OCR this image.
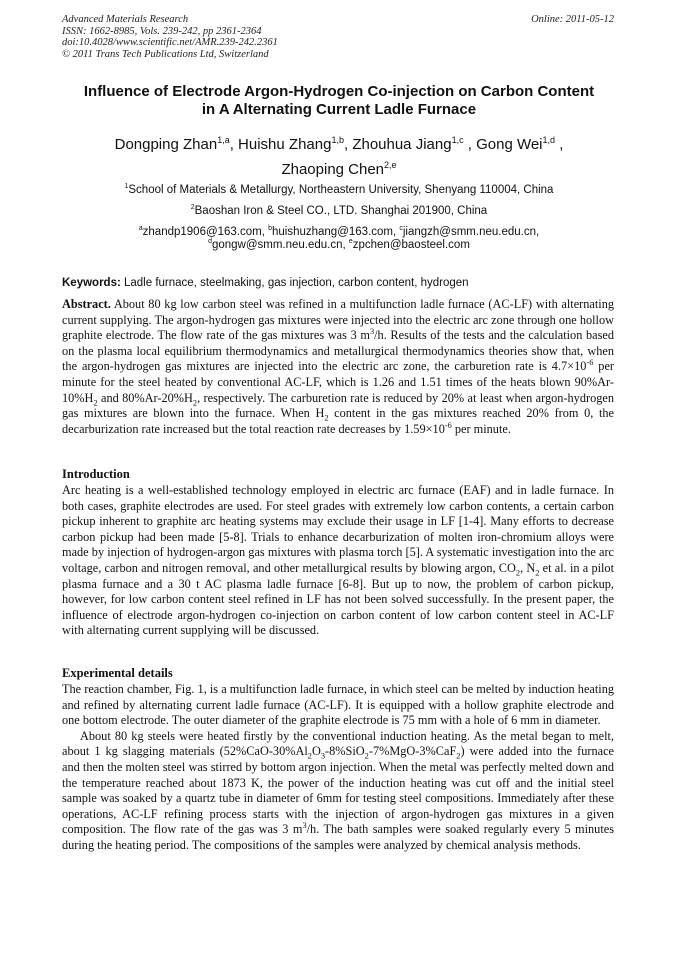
Advanced Materials Research
ISSN: 1662-8985, Vols. 239-242, pp 2361-2364
doi:10.4028/www.scientific.net/AMR.239-242.2361
© 2011 Trans Tech Publications Ltd, Switzerland
Online: 2011-05-12
Influence of Electrode Argon-Hydrogen Co-injection on Carbon Content
in A Alternating Current Ladle Furnace
Dongping Zhan$^{1,a}$, Huishu Zhang$^{1,b}$, Zhouhua Jiang$^{1,c}$ , Gong Wei$^{1,d}$ ,
Zhaoping Chen$^{2,e}$
$^1$School of Materials & Metallurgy, Northeastern University, Shenyang 110004, China
$^2$Baoshan Iron & Steel CO., LTD. Shanghai 201900, China
$^a$zhandp1906@163.com, $^b$huishuzhang@163.com, $^c$jiangzh@smm.neu.edu.cn,
$^d$gongw@smm.neu.edu.cn, $^e$zpchen@baosteel.com
Keywords: Ladle furnace, steelmaking, gas injection, carbon content, hydrogen

Abstract. About 80 kg low carbon steel was refined in a multifunction ladle furnace (AC-LF) with alternating current supplying. The argon-hydrogen gas mixtures were injected into the electric arc zone through one hollow graphite electrode. The flow rate of the gas mixtures was 3 $m^3/h$. Results of the tests and the calculation based on the plasma local equilibrium thermodynamics and metallurgical thermodynamics theories show that, when the argon-hydrogen gas mixtures are injected into the electric arc zone, the carburetion rate is $4.7\times 10^{-6}$ per minute for the steel heated by conventional AC-LF, which is 1.26 and 1.51 times of the heats blown $90\%Ar-10\%H_2$ and $80\%Ar-20\%H_2$, respectively. The carburetion rate is reduced by 20% at least when argon-hydrogen gas mixtures are blown into the furnace. When $H_2$ content in the gas mixtures reached 20% from 0, the decarburization rate increased but the total reaction rate decreases by $1.59\times 10^{-6}$ per minute.

Introduction

Arc heating is a well-established technology employed in electric arc furnace (EAF) and in ladle furnace. In both cases, graphite electrodes are used. For steel grades with extremely low carbon contents, a certain carbon pickup inherent to graphite arc heating systems may exclude their usage in LF [1-4]. Many efforts to decrease carbon pickup had been made [5-8]. Trials to enhance decarburization of molten iron-chromium alloys were made by injection of hydrogen-argon gas mixtures with plasma torch [5]. A systematic investigation into the arc voltage, carbon and nitrogen removal, and other metallurgical results by blowing argon, $CO_2$, $N_2$ et al. in a pilot plasma furnace and a 30 t AC plasma ladle furnace [6-8]. But up to now, the problem of carbon pickup, however, for low carbon content steel refined in LF has not been solved successfully. In the present paper, the influence of electrode argon-hydrogen co-injection on carbon content of low carbon content steel in AC-LF with alternating current supplying will be discussed.

Experimental details

The reaction chamber, Fig. 1, is a multifunction ladle furnace, in which steel can be melted by induction heating and refined by alternating current ladle furnace (AC-LF). It is equipped with a hollow graphite electrode and one bottom electrode. The outer diameter of the graphite electrode is 75 mm with a hole of 6 mm in diameter.

About 80 kg steels were heated firstly by the conventional induction heating. As the metal began to melt, about 1 kg slagging materials $(52\%CaO-30\%Al_2O_3-8\%SiO_2-7\%MgO-3\%CaF_2)$ were added into the furnace and then the molten steel was stirred by bottom argon injection. When the metal was perfectly melted down and the temperature reached about 1873 K, the power of the induction heating was cut off and the initial steel sample was soaked by a quartz tube in diameter of 6mm for testing steel compositions. Immediately after these operations, AC-LF refining process starts with the injection of argon-hydrogen gas mixtures in a given composition. The flow rate of the gas was 3 $m^3/h$. The bath samples were soaked regularly every 5 minutes during the heating period. The compositions of the samples were analyzed by chemical analysis methods.
